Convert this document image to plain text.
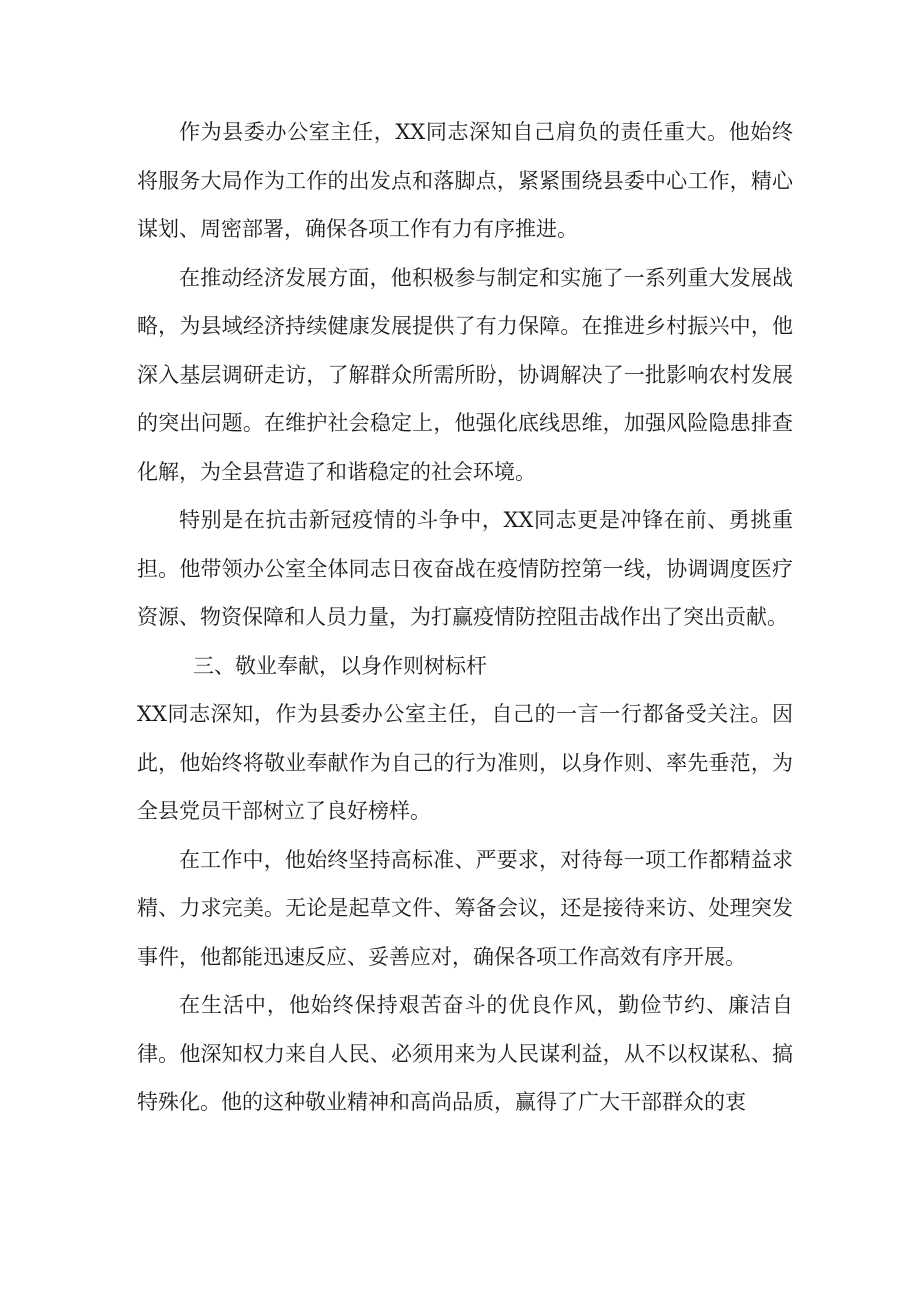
作为县委办公室主任，XX同志深知自己肩负的责任重大。他始终将服务大局作为工作的出发点和落脚点，紧紧围绕县委中心工作，精心谋划、周密部署，确保各项工作有力有序推进。

在推动经济发展方面，他积极参与制定和实施了一系列重大发展战略，为县域经济持续健康发展提供了有力保障。在推进乡村振兴中，他深入基层调研走访，了解群众所需所盼，协调解决了一批影响农村发展的突出问题。在维护社会稳定上，他强化底线思维，加强风险隐患排查化解，为全县营造了和谐稳定的社会环境。

特别是在抗击新冠疫情的斗争中，XX同志更是冲锋在前、勇挑重担。他带领办公室全体同志日夜奋战在疫情防控第一线，协调调度医疗资源、物资保障和人员力量，为打赢疫情防控阻击战作出了突出贡献。

三、敬业奉献，以身作则树标杆

XX同志深知，作为县委办公室主任，自己的一言一行都备受关注。因此，他始终将敬业奉献作为自己的行为准则，以身作则、率先垂范，为全县党员干部树立了良好榜样。

在工作中，他始终坚持高标准、严要求，对待每一项工作都精益求精、力求完美。无论是起草文件、筹备会议，还是接待来访、处理突发事件，他都能迅速反应、妥善应对，确保各项工作高效有序开展。

在生活中，他始终保持艰苦奋斗的优良作风，勤俭节约、廉洁自律。他深知权力来自人民、必须用来为人民谋利益，从不以权谋私、搞特殊化。他的这种敬业精神和高尚品质，赢得了广大干部群众的衷
